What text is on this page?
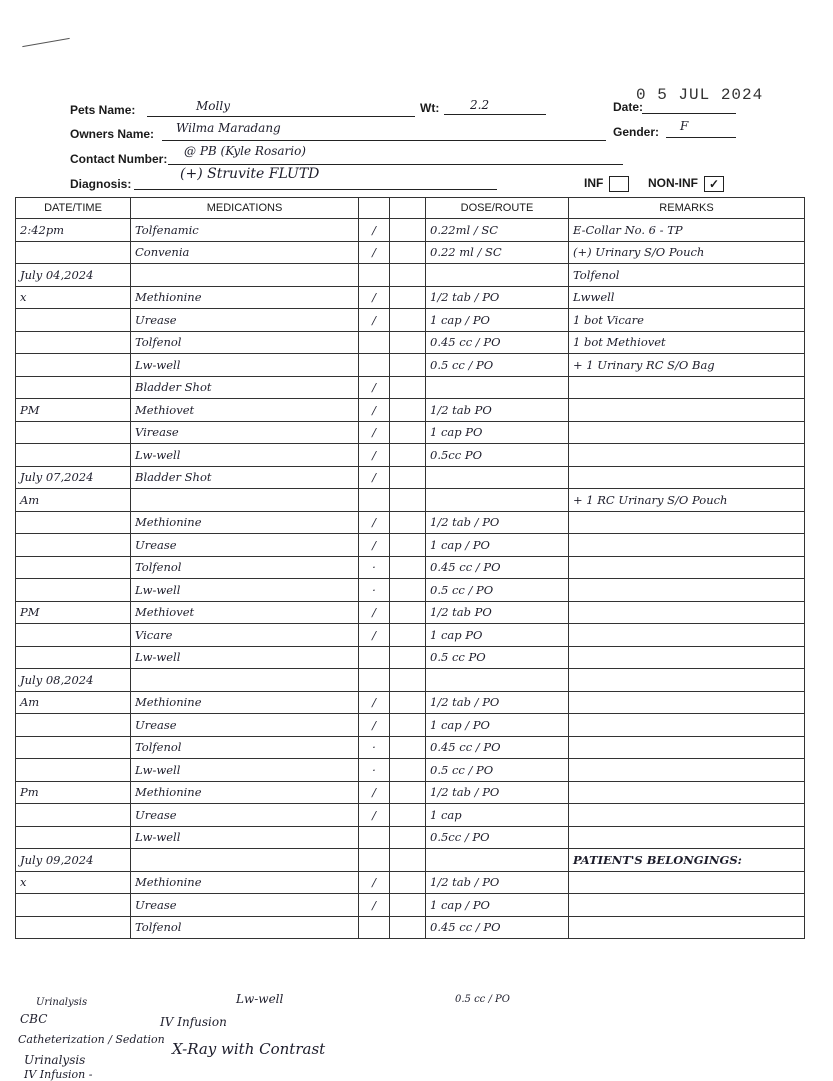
Pets Name:	Molly	Wt:	2.2	Date:
0 5 JUL 2024
Owners Name: Wilma Maradang	Gender: F
Contact Number:
@ PB (Kyle Rosario)
Diagnosis:
(+) Struvite FLUTD
INF	NON-INF ✓
DATE/TIME	MEDICATIONS			DOSE/ROUTE	REMARKS
2:42pm	Tolfenamic	/		0.22ml / SC	E-Collar No. 6 - TP
	Convenia	/		0.22 ml / SC	(+) Urinary S/O Pouch
July 04,2024					Tolfenol
x	Methionine	/		1/2 tab / PO	Lwwell
	Urease	/		1 cap / PO	1 bot Vicare
	Tolfenol			0.45 cc / PO	1 bot Methiovet
	Lw-well			0.5 cc / PO	+ 1 Urinary RC S/O Bag
	Bladder Shot	/			
PM	Methiovet	/		1/2 tab PO	
	Virease	/		1 cap PO	
	Lw-well	/		0.5cc PO	
July 07,2024	Bladder Shot	/			
Am					+ 1 RC Urinary S/O Pouch
	Methionine	/		1/2 tab / PO	
	Urease	/		1 cap / PO	
	Tolfenol	·		0.45 cc / PO	
	Lw-well	·		0.5 cc / PO	
PM	Methiovet	/		1/2 tab PO	
	Vicare	/		1 cap PO	
	Lw-well			0.5 cc PO	
July 08,2024					
Am	Methionine	/		1/2 tab / PO	
	Urease	/		1 cap / PO	
	Tolfenol	·		0.45 cc / PO	
	Lw-well	·		0.5 cc / PO	
Pm	Methionine	/		1/2 tab / PO	
	Urease	/		1 cap	
	Lw-well			0.5cc / PO	
July 09,2024					PATIENT'S BELONGINGS:
x	Methionine	/		1/2 tab / PO	
	Urease	/		1 cap / PO	
	Tolfenol			0.45 cc / PO	
Lw-well	0.5 cc / PO
Urinalysis
CBC	IV Infusion
Catheterization / Sedation
X-Ray with Contrast
Urinalysis
IV Infusion -
